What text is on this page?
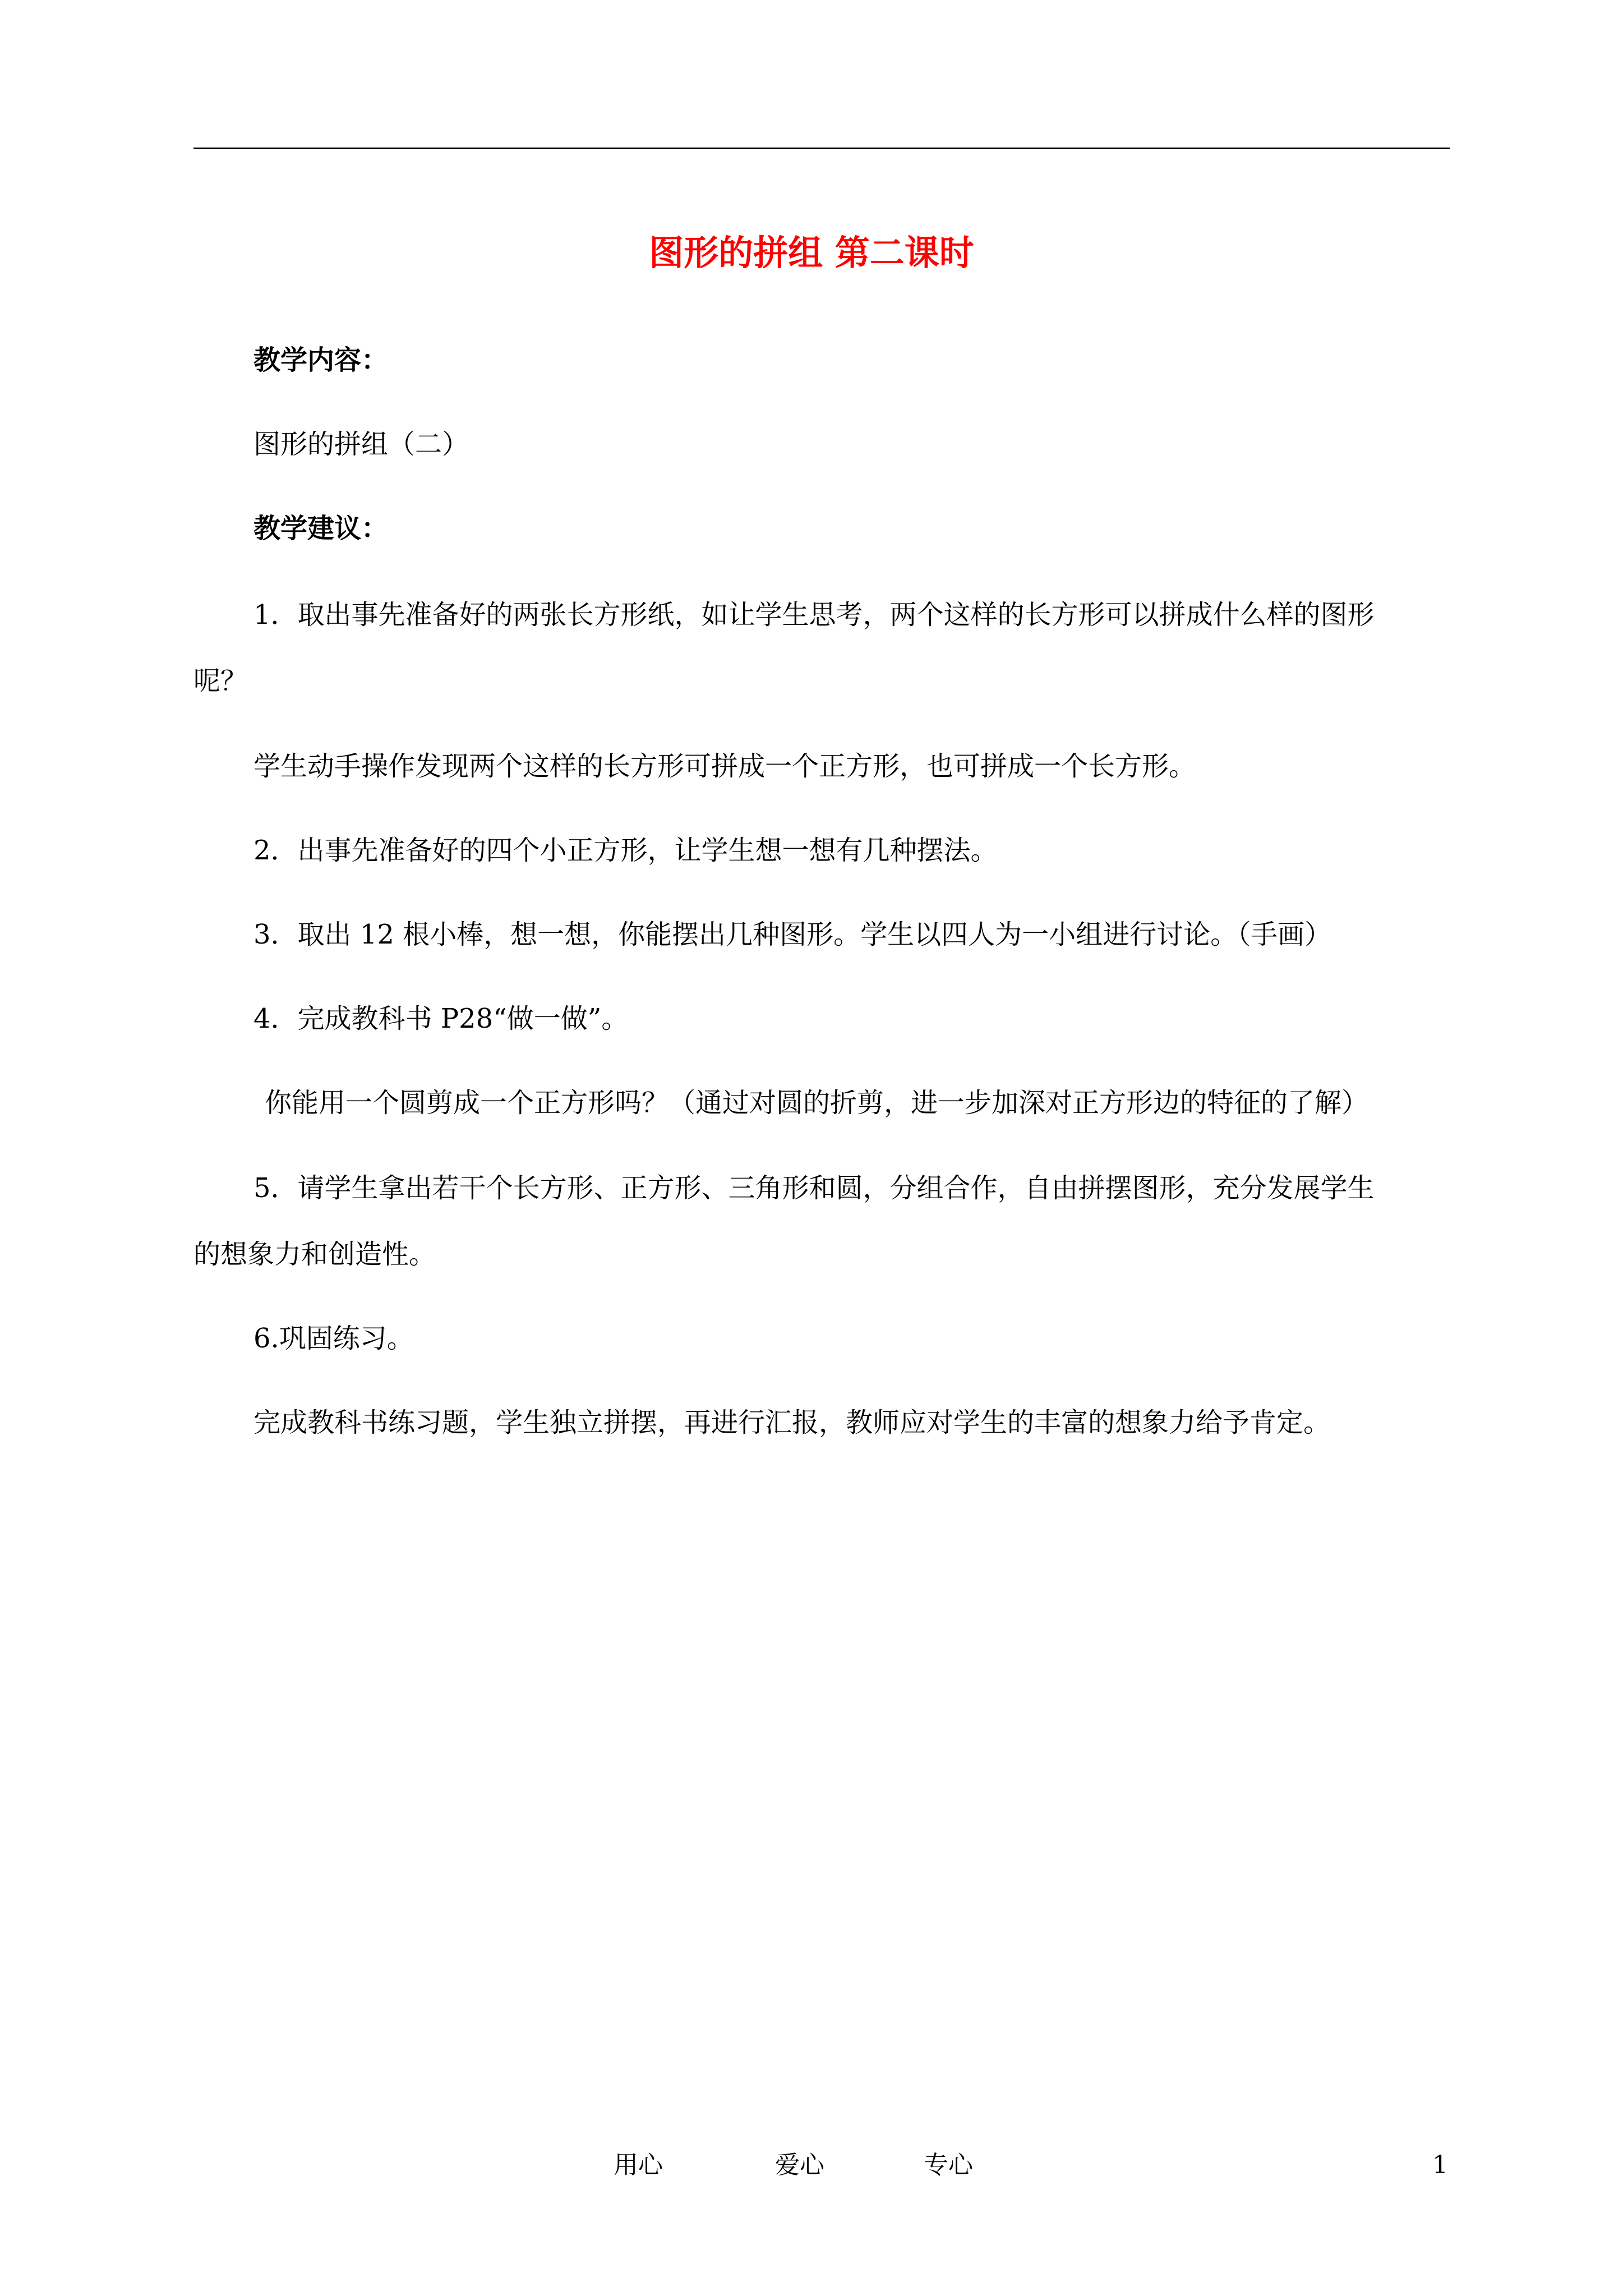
图形的拼组 第二课时
教学内容：
图形的拼组（二）
教学建议：
1．取出事先准备好的两张长方形纸，如让学生思考，两个这样的长方形可以拼成什么样的图形
呢？
学生动手操作发现两个这样的长方形可拼成一个正方形，也可拼成一个长方形。
2．出事先准备好的四个小正方形，让学生想一想有几种摆法。
3．取出 12 根小棒，想一想，你能摆出几种图形。学生以四人为一小组进行讨论。（手画）
4．完成教科书 P28“做一做”。
你能用一个圆剪成一个正方形吗？（通过对圆的折剪，进一步加深对正方形边的特征的了解）
5．请学生拿出若干个长方形、正方形、三角形和圆，分组合作，自由拼摆图形，充分发展学生
的想象力和创造性。
6.巩固练习。
完成教科书练习题，学生独立拼摆，再进行汇报，教师应对学生的丰富的想象力给予肯定。
用心	爱心	专心	1
